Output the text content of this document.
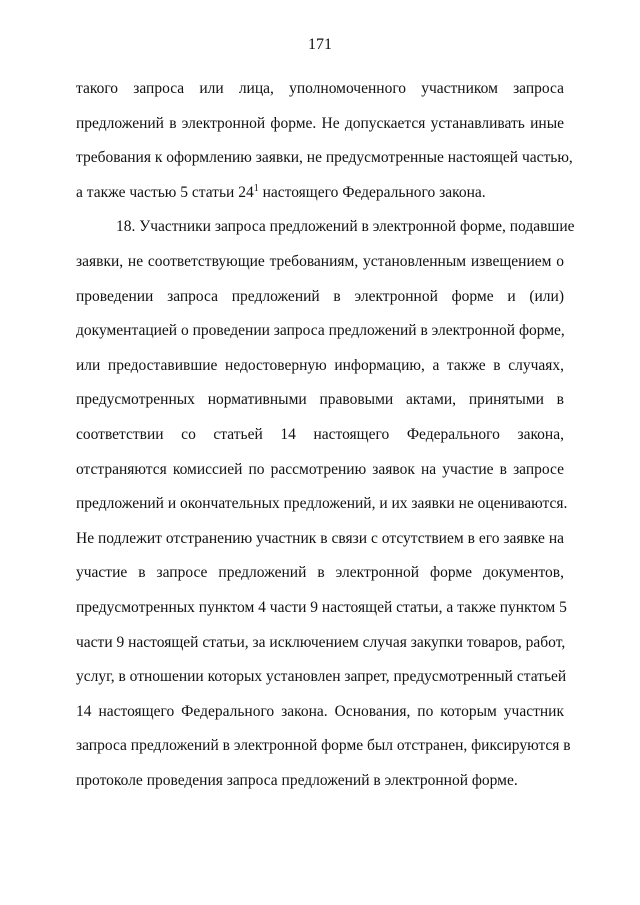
171
такого запроса или лица, уполномоченного участником запроса
предложений в электронной форме. Не допускается устанавливать иные
требования к оформлению заявки, не предусмотренные настоящей частью,
а также частью 5 статьи $24^1$ настоящего Федерального закона.
18. Участники запроса предложений в электронной форме, подавшие
заявки, не соответствующие требованиям, установленным извещением о
проведении запроса предложений в электронной форме и (или)
документацией о проведении запроса предложений в электронной форме,
или предоставившие недостоверную информацию, а также в случаях,
предусмотренных нормативными правовыми актами, принятыми в
соответствии со статьей 14 настоящего Федерального закона,
отстраняются комиссией по рассмотрению заявок на участие в запросе
предложений и окончательных предложений, и их заявки не оцениваются.
Не подлежит отстранению участник в связи с отсутствием в его заявке на
участие в запросе предложений в электронной форме документов,
предусмотренных пунктом 4 части 9 настоящей статьи, а также пунктом 5
части 9 настоящей статьи, за исключением случая закупки товаров, работ,
услуг, в отношении которых установлен запрет, предусмотренный статьей
14 настоящего Федерального закона. Основания, по которым участник
запроса предложений в электронной форме был отстранен, фиксируются в
протоколе проведения запроса предложений в электронной форме.
